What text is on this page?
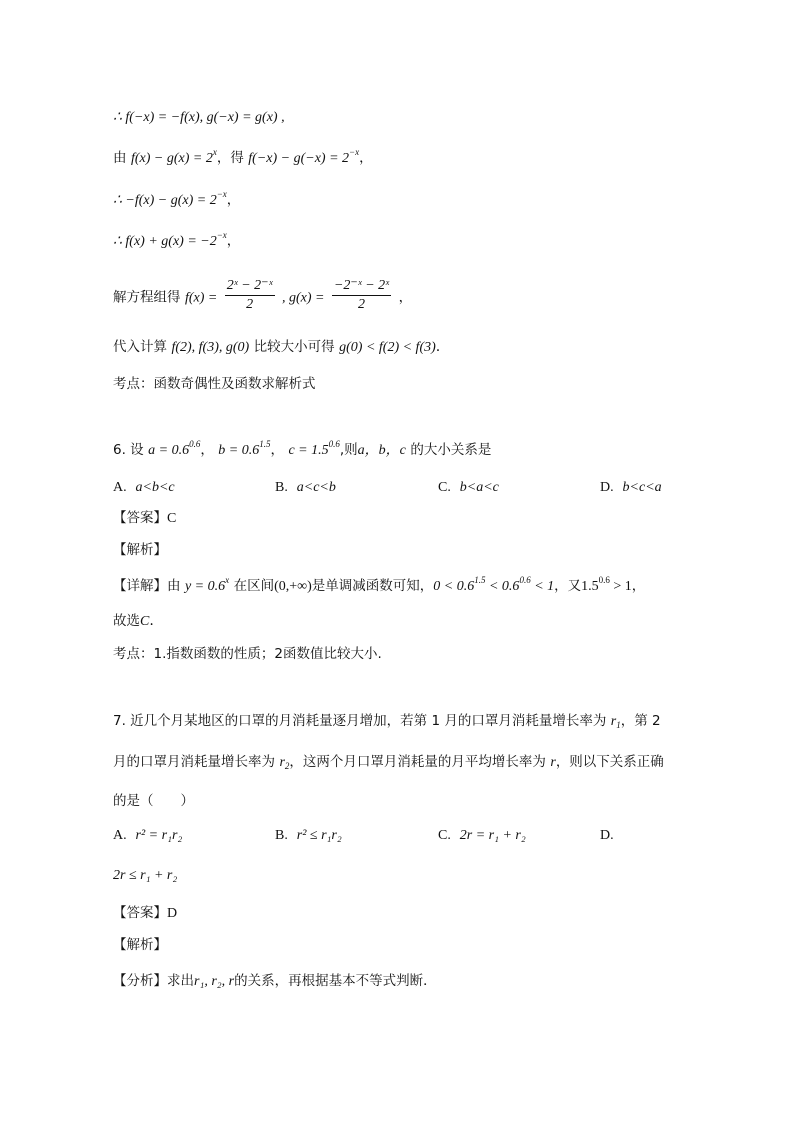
∴ f(−x) = −f(x), g(−x) = g(x) ,
由 $f(x) - g(x) = 2^x$，得 $f(-x) - g(-x) = 2^{-x}$，
∴ $-f(x) - g(x) = 2^{-x}$，
∴ $f(x) + g(x) = -2^{-x}$，
解方程组得 $f(x) = \frac{\text{2ˣ − 2⁻ˣ}}{2}$ , $g(x) = \frac{\text{−2⁻ˣ − 2ˣ}}{2}$ ，
代入计算 f(2), f(3), g(0) 比较大小可得 g(0) < f(2) < f(3).
考点：函数奇偶性及函数求解析式
6. 设 $a = 0.6^{0.6}$， $b = 0.6^{1.5}$， $c = 1.5^{0.6}$,则a，b，c 的大小关系是
A. a<b<c	B. a<c<b	C. b<a<c	D. b<c<a
【答案】C
【解析】
【详解】由 $y = 0.6^x$ 在区间(0,+∞)是单调减函数可知，$0 < 0.6^{1.5} < 0.6^{0.6} < 1$，又$1.5^{0.6} > 1$，
故选C.
考点：1.指数函数的性质；2函数值比较大小.
7. 近几个月某地区的口罩的月消耗量逐月增加，若第 1 月的口罩月消耗量增长率为 $r_1$，第 2
月的口罩月消耗量增长率为 $r_2$，这两个月口罩月消耗量的月平均增长率为 r，则以下关系正确
的是（　　）
A. r² = r₁r₂	B. r² ≤ r₁r₂	C. 2r = r₁ + r₂	D.
2r ≤ r₁ + r₂
【答案】D
【解析】
【分析】求出r₁, r₂, r的关系，再根据基本不等式判断．
